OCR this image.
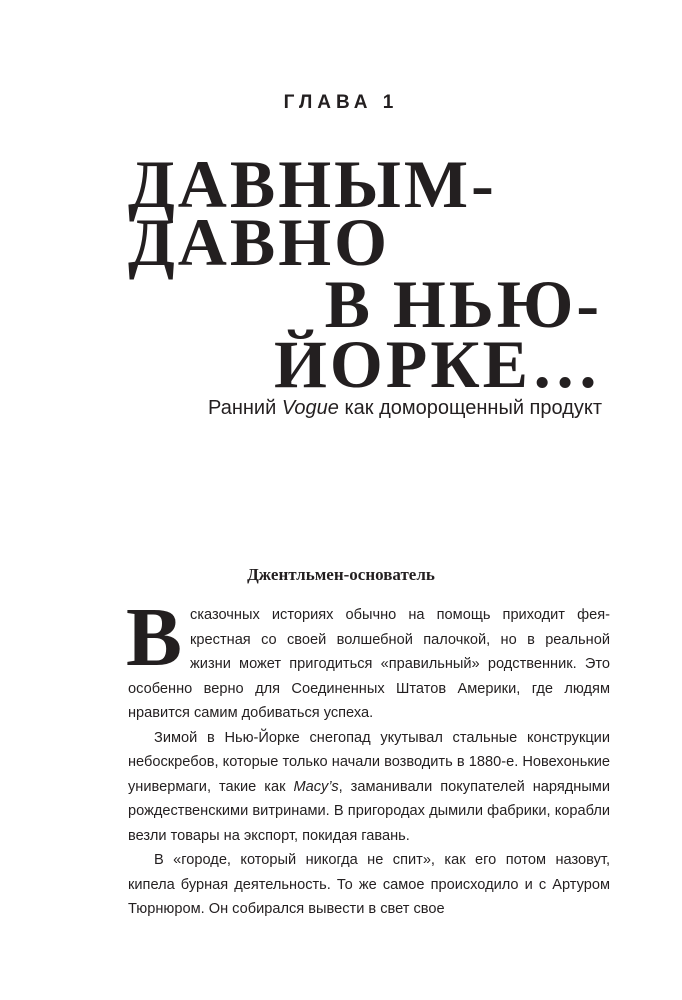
ГЛАВА 1
ДАВНЫМ-
ДАВНО
В НЬЮ-
ЙОРКЕ…
Ранний Vogue как доморощенный продукт
Джентльмен-основатель

Всказочных историях обычно на помощь приходит фея-крестная со своей волшебной палочкой, но в реальной жизни может пригодиться «правильный» родственник. Это особенно верно для Соединенных Штатов Америки, где людям нравится самим добиваться успеха.

Зимой в Нью-Йорке снегопад укутывал стальные конструкции небоскребов, которые только начали возводить в 1880-е. Новехонькие универмаги, такие как Macy’s, заманивали покупателей нарядными рождественскими витринами. В пригородах дымили фабрики, корабли везли товары на экспорт, покидая гавань.

В «городе, который никогда не спит», как его потом назовут, кипела бурная деятельность. То же самое происходило и с Артуром Тюрнюром. Он собирался вывести в свет свое
